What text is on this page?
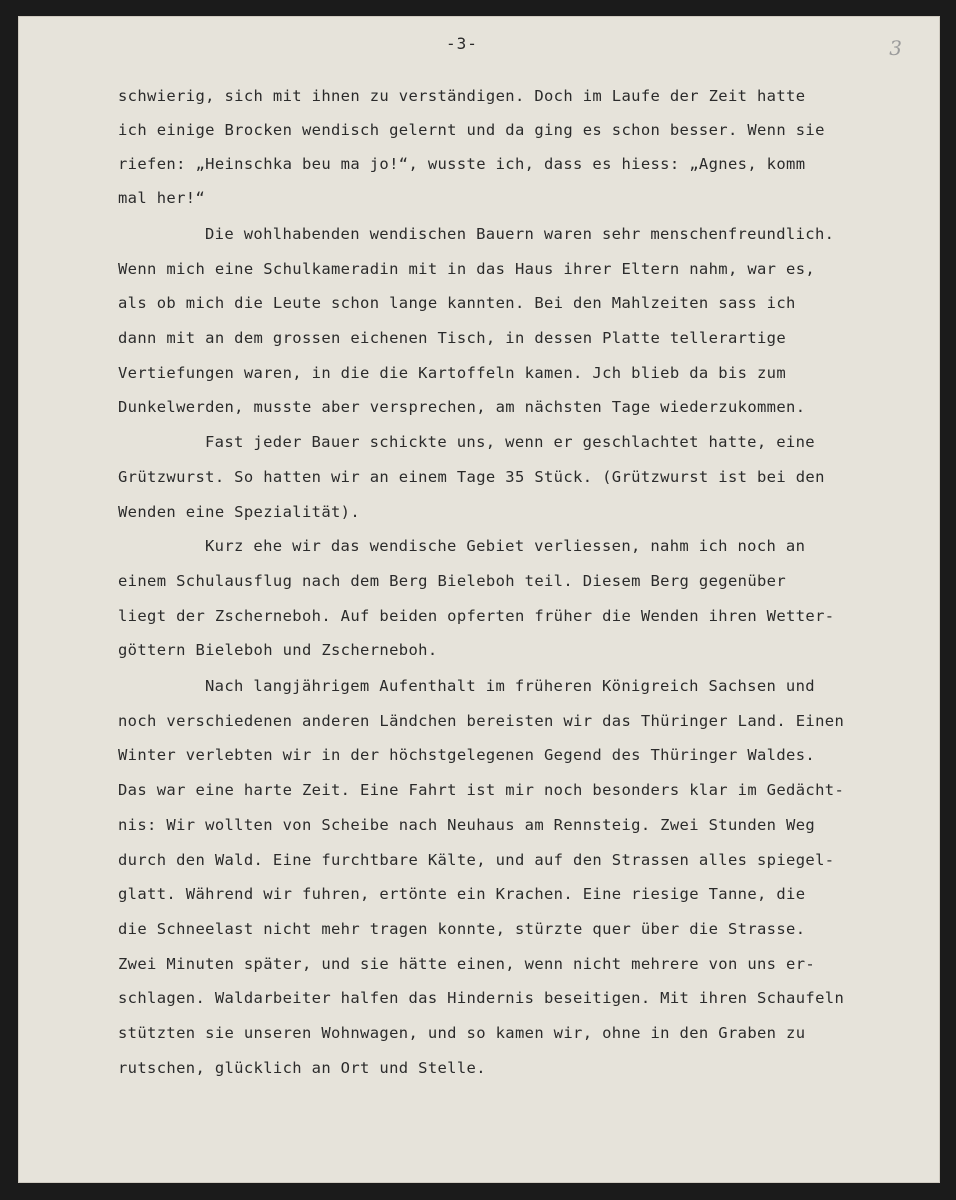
-3-	3
schwierig, sich mit ihnen zu verständigen. Doch im Laufe der Zeit hatte
ich einige Brocken wendisch gelernt und da ging es schon besser. Wenn sie
riefen: „Heinschka beu ma jo!“, wusste ich, dass es hiess: „Agnes, komm
mal her!“
Die wohlhabenden wendischen Bauern waren sehr menschenfreundlich.
Wenn mich eine Schulkameradin mit in das Haus ihrer Eltern nahm, war es,
als ob mich die Leute schon lange kannten. Bei den Mahlzeiten sass ich
dann mit an dem grossen eichenen Tisch, in dessen Platte tellerartige
Vertiefungen waren, in die die Kartoffeln kamen. Jch blieb da bis zum
Dunkelwerden, musste aber versprechen, am nächsten Tage wiederzukommen.
Fast jeder Bauer schickte uns, wenn er geschlachtet hatte, eine
Grützwurst. So hatten wir an einem Tage 35 Stück. (Grützwurst ist bei den
Wenden eine Spezialität).
Kurz ehe wir das wendische Gebiet verliessen, nahm ich noch an
einem Schulausflug nach dem Berg Bieleboh teil. Diesem Berg gegenüber
liegt der Zscherneboh. Auf beiden opferten früher die Wenden ihren Wetter-
göttern Bieleboh und Zscherneboh.
Nach langjährigem Aufenthalt im früheren Königreich Sachsen und
noch verschiedenen anderen Ländchen bereisten wir das Thüringer Land. Einen
Winter verlebten wir in der höchstgelegenen Gegend des Thüringer Waldes.
Das war eine harte Zeit. Eine Fahrt ist mir noch besonders klar im Gedächt-
nis: Wir wollten von Scheibe nach Neuhaus am Rennsteig. Zwei Stunden Weg
durch den Wald. Eine furchtbare Kälte, und auf den Strassen alles spiegel-
glatt. Während wir fuhren, ertönte ein Krachen. Eine riesige Tanne, die
die Schneelast nicht mehr tragen konnte, stürzte quer über die Strasse.
Zwei Minuten später, und sie hätte einen, wenn nicht mehrere von uns er-
schlagen. Waldarbeiter halfen das Hindernis beseitigen. Mit ihren Schaufeln
stützten sie unseren Wohnwagen, und so kamen wir, ohne in den Graben zu
rutschen, glücklich an Ort und Stelle.
